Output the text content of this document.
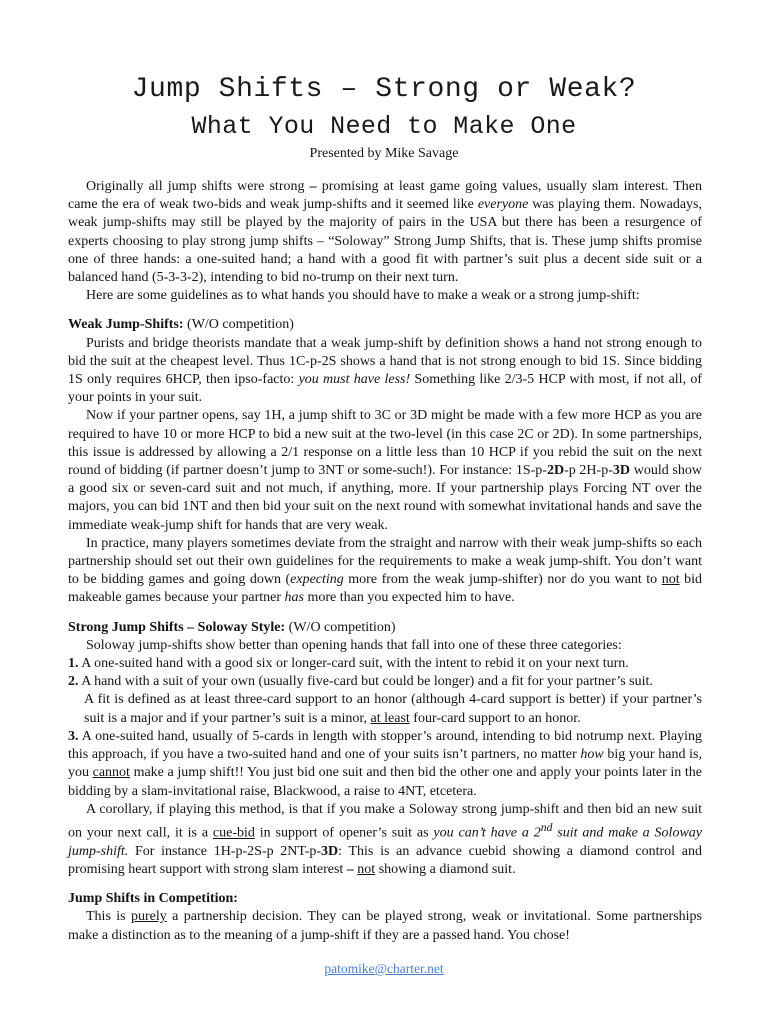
Jump Shifts – Strong or Weak?
What You Need to Make One
Presented by Mike Savage

Originally all jump shifts were strong – promising at least game going values, usually slam interest. Then came the era of weak two-bids and weak jump-shifts and it seemed like everyone was playing them. Nowadays, weak jump-shifts may still be played by the majority of pairs in the USA but there has been a resurgence of experts choosing to play strong jump shifts – “Soloway” Strong Jump Shifts, that is. These jump shifts promise one of three hands: a one-suited hand; a hand with a good fit with partner’s suit plus a decent side suit or a balanced hand (5-3-3-2), intending to bid no-trump on their next turn.

Here are some guidelines as to what hands you should have to make a weak or a strong jump-shift:

Weak Jump-Shifts: (W/O competition)

Purists and bridge theorists mandate that a weak jump-shift by definition shows a hand not strong enough to bid the suit at the cheapest level. Thus 1C-p-2S shows a hand that is not strong enough to bid 1S. Since bidding 1S only requires 6HCP, then ipso-facto: you must have less! Something like 2/3-5 HCP with most, if not all, of your points in your suit.

Now if your partner opens, say 1H, a jump shift to 3C or 3D might be made with a few more HCP as you are required to have 10 or more HCP to bid a new suit at the two-level (in this case 2C or 2D). In some partnerships, this issue is addressed by allowing a 2/1 response on a little less than 10 HCP if you rebid the suit on the next round of bidding (if partner doesn’t jump to 3NT or some-such!). For instance: 1S-p-2D-p 2H-p-3D would show a good six or seven-card suit and not much, if anything, more. If your partnership plays Forcing NT over the majors, you can bid 1NT and then bid your suit on the next round with somewhat invitational hands and save the immediate weak-jump shift for hands that are very weak.

In practice, many players sometimes deviate from the straight and narrow with their weak jump-shifts so each partnership should set out their own guidelines for the requirements to make a weak jump-shift. You don’t want to be bidding games and going down (expecting more from the weak jump-shifter) nor do you want to not bid makeable games because your partner has more than you expected him to have.

Strong Jump Shifts – Soloway Style: (W/O competition)

Soloway jump-shifts show better than opening hands that fall into one of these three categories:

1. A one-suited hand with a good six or longer-card suit, with the intent to rebid it on your next turn.

2. A hand with a suit of your own (usually five-card but could be longer) and a fit for your partner’s suit.

A fit is defined as at least three-card support to an honor (although 4-card support is better) if your partner’s suit is a major and if your partner’s suit is a minor, at least four-card support to an honor.

3. A one-suited hand, usually of 5-cards in length with stopper’s around, intending to bid notrump next. Playing this approach, if you have a two-suited hand and one of your suits isn’t partners, no matter how big your hand is, you cannot make a jump shift!! You just bid one suit and then bid the other one and apply your points later in the bidding by a slam-invitational raise, Blackwood, a raise to 4NT, etcetera.

A corollary, if playing this method, is that if you make a Soloway strong jump-shift and then bid an new suit on your next call, it is a cue-bid in support of opener’s suit as you can’t have a 2nd suit and make a Soloway jump-shift. For instance 1H-p-2S-p 2NT-p-3D: This is an advance cuebid showing a diamond control and promising heart support with strong slam interest – not showing a diamond suit.

Jump Shifts in Competition:

This is purely a partnership decision. They can be played strong, weak or invitational. Some partnerships make a distinction as to the meaning of a jump-shift if they are a passed hand. You chose!

patomike@charter.net
